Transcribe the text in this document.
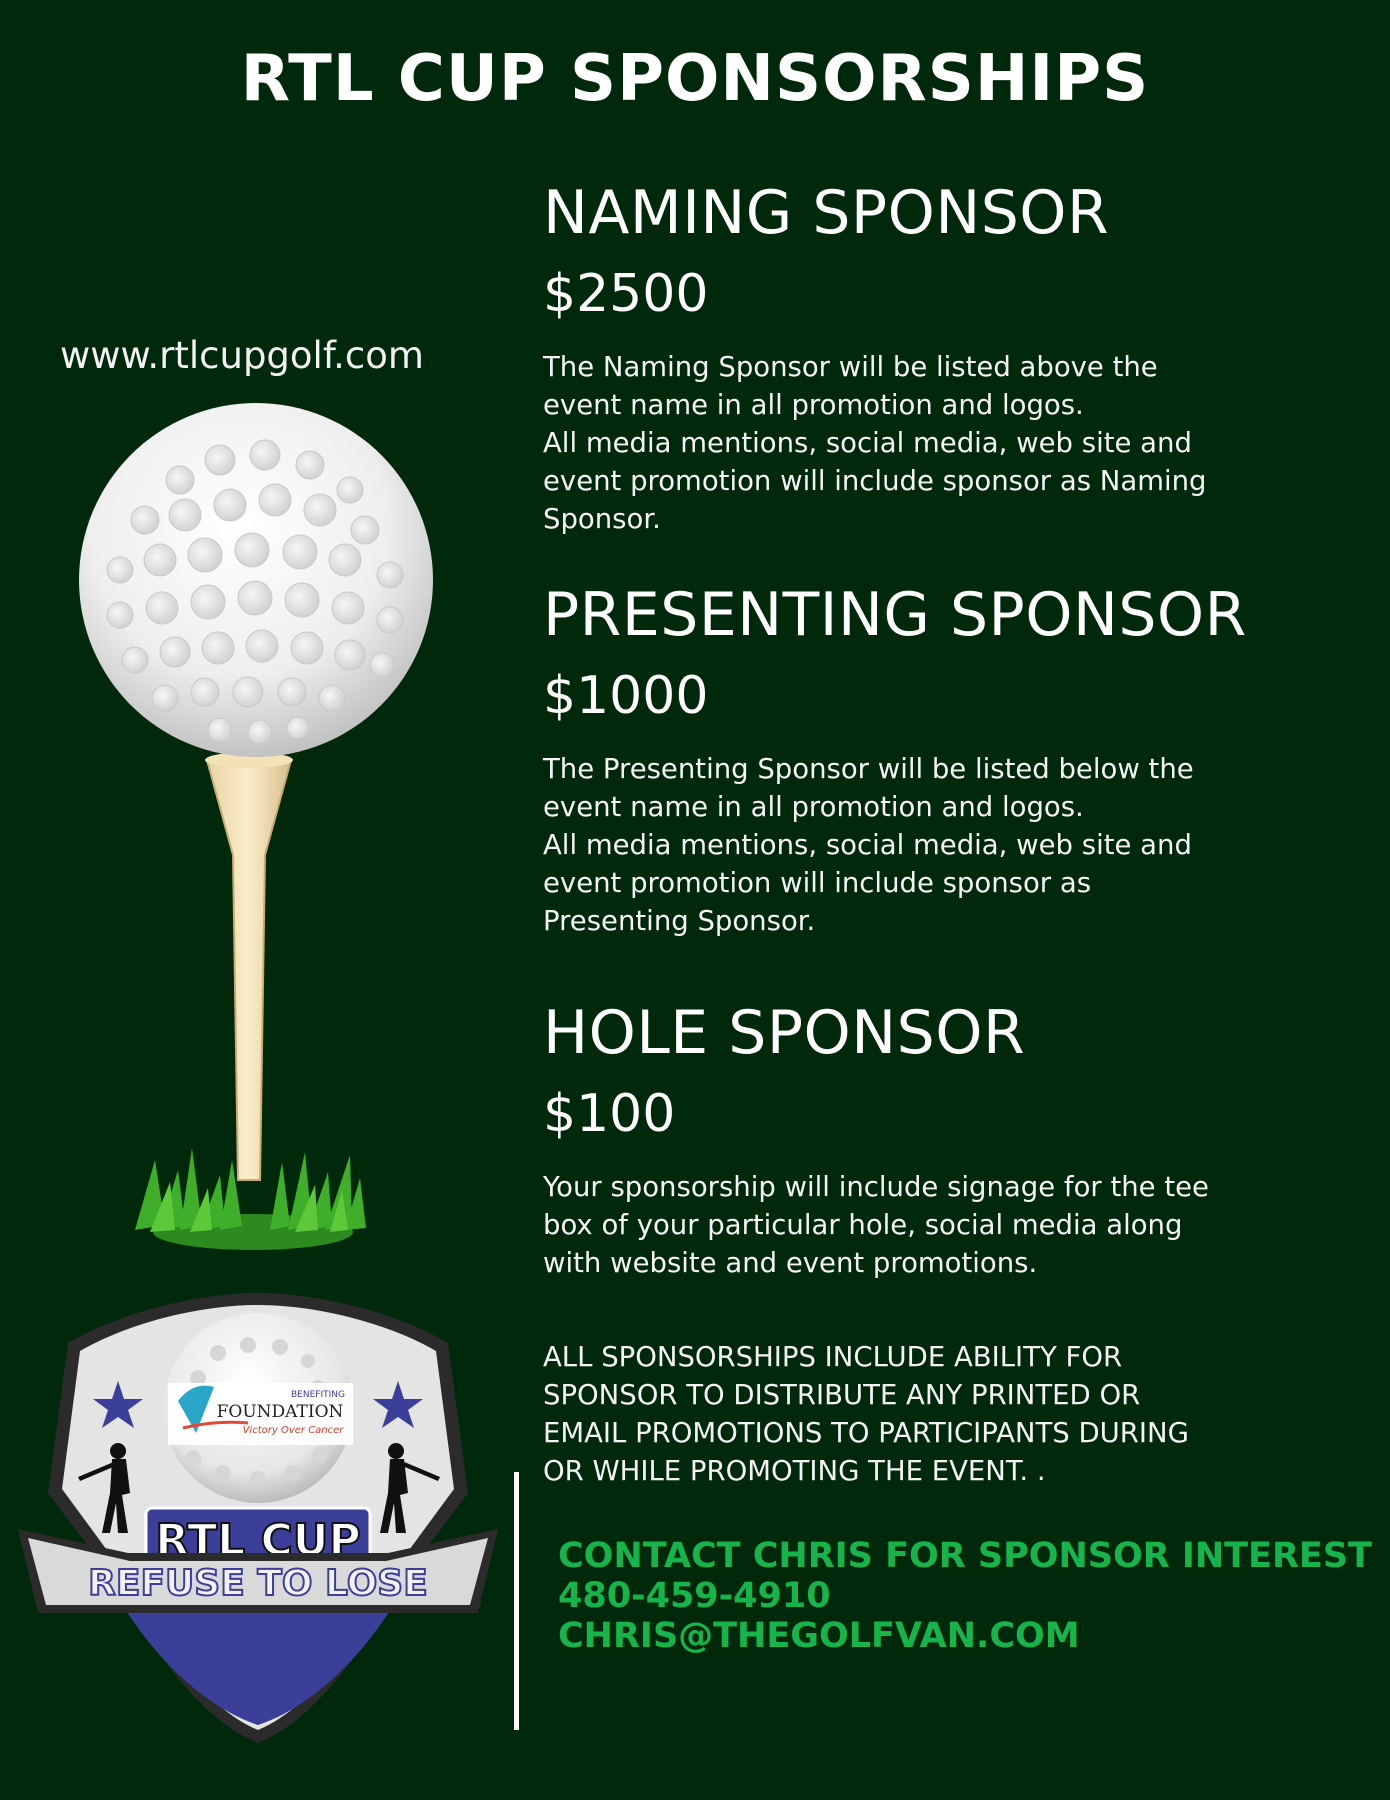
RTL CUP SPONSORSHIPS
www.rtlcupgolf.com
NAMING SPONSOR
$2500
The Naming Sponsor will be listed above the
event name in all promotion and logos.
All media mentions, social media, web site and
event promotion will include sponsor as Naming
Sponsor.
PRESENTING SPONSOR
$1000
The Presenting Sponsor will be listed below the
event name in all promotion and logos.
All media mentions, social media, web site and
event promotion will include sponsor as
Presenting Sponsor.
HOLE SPONSOR
$100
Your sponsorship will include signage for the tee
box of your particular hole, social media along
with website and event promotions.
ALL SPONSORSHIPS INCLUDE ABILITY FOR
SPONSOR TO DISTRIBUTE ANY PRINTED OR
EMAIL PROMOTIONS TO PARTICIPANTS DURING
OR WHILE PROMOTING THE EVENT. .
CONTACT CHRIS FOR SPONSOR INTEREST
480-459-4910
CHRIS@THEGOLFVAN.COM
BENEFITING
FOUNDATION
Victory Over Cancer
RTL CUP
REFUSE TO LOSE
